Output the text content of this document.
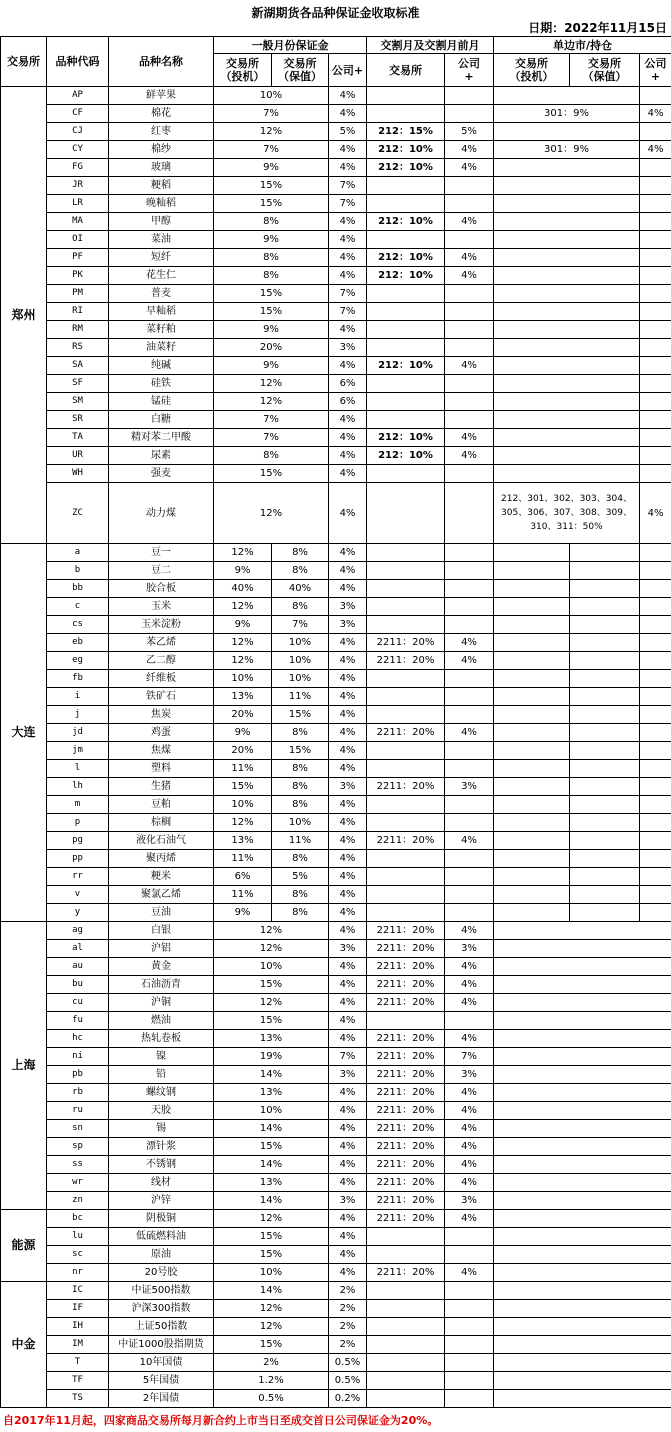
新湖期货各品种保证金收取标准
日期：2022年11月15日
交易所	品种代码	品种名称	一般月份保证金			交割月及交割月前月		单边市/持仓		
			交易所（投机）	交易所（保值）	公司+	交易所	公司+	交易所（投机）	交易所（保值）	公司+
郑州	AP	鲜苹果	10%		4%					
	CF	棉花	7%		4%			301：9%		4%
	CJ	红枣	12%		5%	212：15%	5%			
	CY	棉纱	7%		4%	212：10%	4%	301：9%		4%
	FG	玻璃	9%		4%	212：10%	4%			
	JR	粳稻	15%		7%					
	LR	晚籼稻	15%		7%					
	MA	甲醇	8%		4%	212：10%	4%			
	OI	菜油	9%		4%					
	PF	短纤	8%		4%	212：10%	4%			
	PK	花生仁	8%		4%	212：10%	4%			
	PM	普麦	15%		7%					
	RI	早籼稻	15%		7%					
	RM	菜籽粕	9%		4%					
	RS	油菜籽	20%		3%					
	SA	纯碱	9%		4%	212：10%	4%			
	SF	硅铁	12%		6%					
	SM	锰硅	12%		6%					
	SR	白糖	7%		4%					
	TA	精对苯二甲酸	7%		4%	212：10%	4%			
	UR	尿素	8%		4%	212：10%	4%			
	WH	强麦	15%		4%					
	ZC	动力煤	12%		4%			212、301、302、303、304、305、306、307、308、309、310、311：50%		4%
大连	a	豆一	12%	8%	4%					
	b	豆二	9%	8%	4%					
	bb	胶合板	40%	40%	4%					
	c	玉米	12%	8%	3%					
	cs	玉米淀粉	9%	7%	3%					
	eb	苯乙烯	12%	10%	4%	2211：20%	4%			
	eg	乙二醇	12%	10%	4%	2211：20%	4%			
	fb	纤维板	10%	10%	4%					
	i	铁矿石	13%	11%	4%					
	j	焦炭	20%	15%	4%					
	jd	鸡蛋	9%	8%	4%	2211：20%	4%			
	jm	焦煤	20%	15%	4%					
	l	塑料	11%	8%	4%					
	lh	生猪	15%	8%	3%	2211：20%	3%			
	m	豆粕	10%	8%	4%					
	p	棕榈	12%	10%	4%					
	pg	液化石油气	13%	11%	4%	2211：20%	4%			
	pp	聚丙烯	11%	8%	4%					
	rr	粳米	6%	5%	4%					
	v	聚氯乙烯	11%	8%	4%					
	y	豆油	9%	8%	4%					
上海	ag	白银	12%		4%	2211：20%	4%			
	al	沪铝	12%		3%	2211：20%	3%			
	au	黄金	10%		4%	2211：20%	4%			
	bu	石油沥青	15%		4%	2211：20%	4%			
	cu	沪铜	12%		4%	2211：20%	4%			
	fu	燃油	15%		4%					
	hc	热轧卷板	13%		4%	2211：20%	4%			
	ni	镍	19%		7%	2211：20%	7%			
	pb	铅	14%		3%	2211：20%	3%			
	rb	螺纹钢	13%		4%	2211：20%	4%			
	ru	天胶	10%		4%	2211：20%	4%			
	sn	锡	14%		4%	2211：20%	4%			
	sp	漂针浆	15%		4%	2211：20%	4%			
	ss	不锈钢	14%		4%	2211：20%	4%			
	wr	线材	13%		4%	2211：20%	4%			
	zn	沪锌	14%		3%	2211：20%	3%			
能源	bc	阴极铜	12%		4%	2211：20%	4%			
	lu	低硫燃料油	15%		4%					
	sc	原油	15%		4%					
	nr	20号胶	10%		4%	2211：20%	4%			
中金	IC	中证500指数	14%		2%					
	IF	沪深300指数	12%		2%					
	IH	上证50指数	12%		2%					
	IM	中证1000股指期货	15%		2%					
	T	10年国债	2%		0.5%					
	TF	5年国债	1.2%		0.5%					
	TS	2年国债	0.5%		0.2%					
自2017年11月起，四家商品交易所每月新合约上市当日至成交首日公司保证金为20%。
